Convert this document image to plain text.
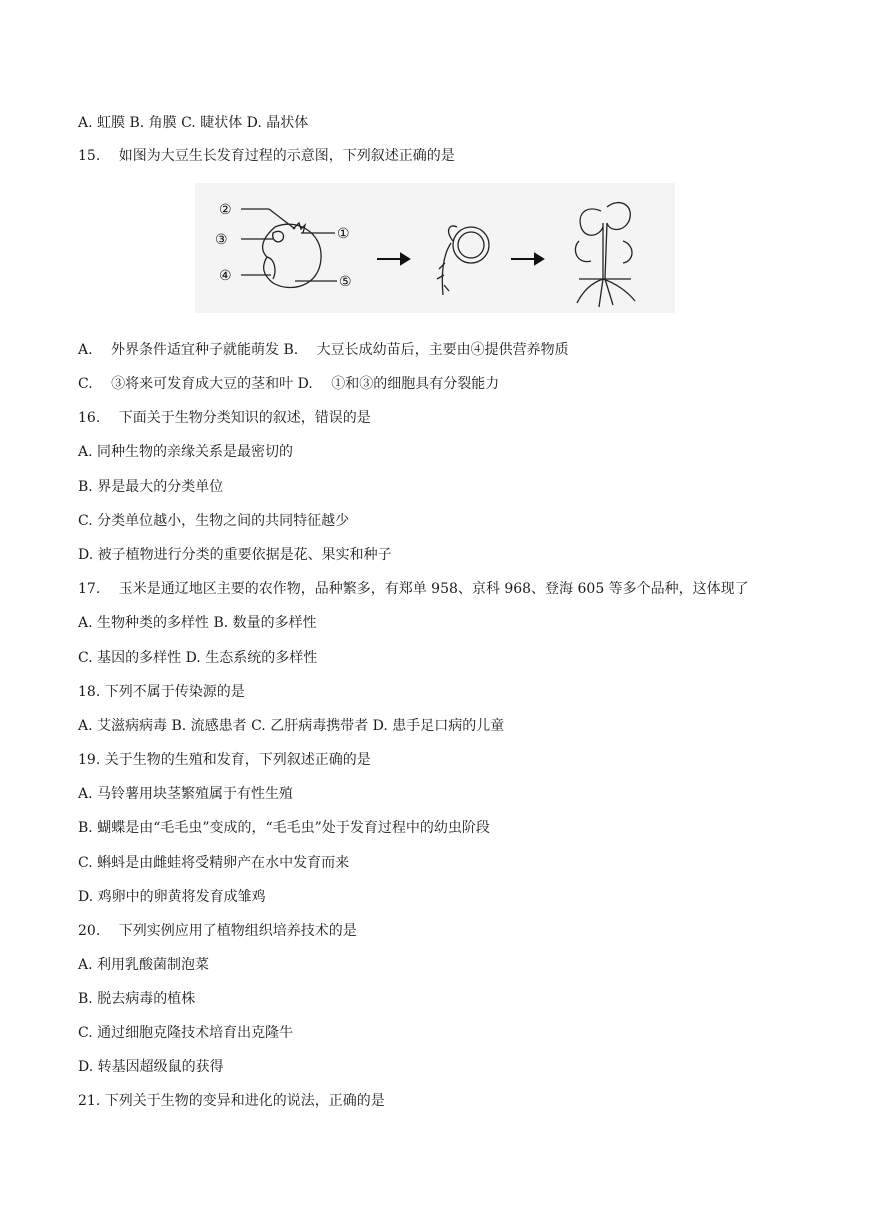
A. 虹膜 B. 角膜 C. 睫状体 D. 晶状体
15.　 如图为大豆生长发育过程的示意图，下列叙述正确的是
②
③
④
①
⑤
A.　 外界条件适宜种子就能萌发 B.　 大豆长成幼苗后，主要由④提供营养物质
C.　 ③将来可发育成大豆的茎和叶 D.　 ①和③的细胞具有分裂能力
16.　 下面关于生物分类知识的叙述，错误的是
A. 同种生物的亲缘关系是最密切的
B. 界是最大的分类单位
C. 分类单位越小，生物之间的共同特征越少
D. 被子植物进行分类的重要依据是花、果实和种子
17.　 玉米是通辽地区主要的农作物，品种繁多，有郑单 958、京科 968、登海 605 等多个品种，这体现了
A. 生物种类的多样性 B. 数量的多样性
C. 基因的多样性 D. 生态系统的多样性
18. 下列不属于传染源的是
A. 艾滋病病毒 B. 流感患者 C. 乙肝病毒携带者 D. 患手足口病的儿童
19. 关于生物的生殖和发育，下列叙述正确的是
A. 马铃薯用块茎繁殖属于有性生殖
B. 蝴蝶是由“毛毛虫”变成的，“毛毛虫”处于发育过程中的幼虫阶段
C. 蝌蚪是由雌蛙将受精卵产在水中发育而来
D. 鸡卵中的卵黄将发育成雏鸡
20.　 下列实例应用了植物组织培养技术的是
A. 利用乳酸菌制泡菜
B. 脱去病毒的植株
C. 通过细胞克隆技术培育出克隆牛
D. 转基因超级鼠的获得
21. 下列关于生物的变异和进化的说法，正确的是
